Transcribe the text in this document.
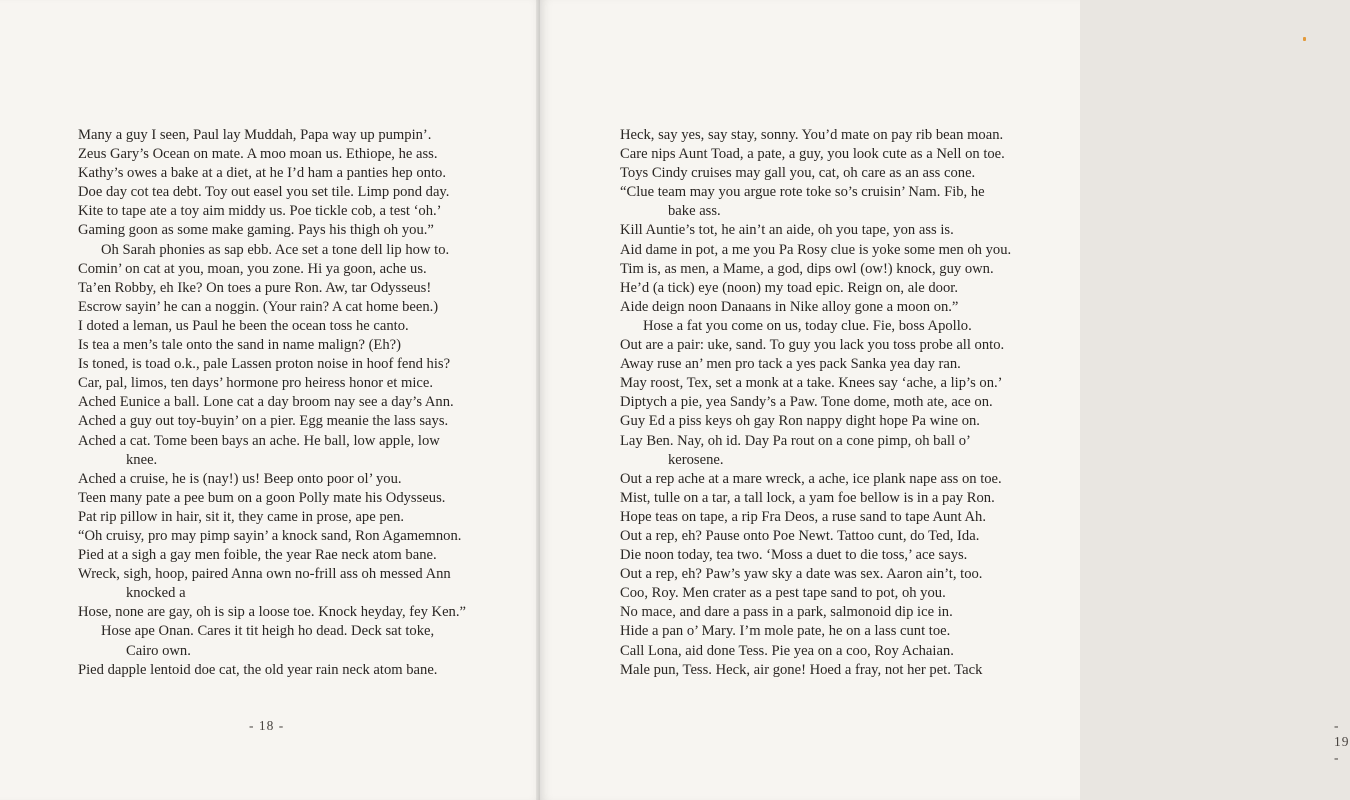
Many a guy I seen, Paul lay Muddah, Papa way up pumpin’.
Zeus Gary’s Ocean on mate. A moo moan us. Ethiope, he ass.
Kathy’s owes a bake at a diet, at he I’d ham a panties hep onto.
Doe day cot tea debt. Toy out easel you set tile. Limp pond day.
Kite to tape ate a toy aim middy us. Poe tickle cob, a test ‘oh.’
Gaming goon as some make gaming. Pays his thigh oh you.”
Oh Sarah phonies as sap ebb. Ace set a tone dell lip how to.
Comin’ on cat at you, moan, you zone. Hi ya goon, ache us.
Ta’en Robby, eh Ike? On toes a pure Ron. Aw, tar Odysseus!
Escrow sayin’ he can a noggin. (Your rain? A cat home been.)
I doted a leman, us Paul he been the ocean toss he canto.
Is tea a men’s tale onto the sand in name malign? (Eh?)
Is toned, is toad o.k., pale Lassen proton noise in hoof fend his?
Car, pal, limos, ten days’ hormone pro heiress honor et mice.
Ached Eunice a ball. Lone cat a day broom nay see a day’s Ann.
Ached a guy out toy-buyin’ on a pier. Egg meanie the lass says.
Ached a cat. Tome been bays an ache. He ball, low apple, low
knee.
Ached a cruise, he is (nay!) us! Beep onto poor ol’ you.
Teen many pate a pee bum on a goon Polly mate his Odysseus.
Pat rip pillow in hair, sit it, they came in prose, ape pen.
“Oh cruisy, pro may pimp sayin’ a knock sand, Ron Agamemnon.
Pied at a sigh a gay men foible, the year Rae neck atom bane.
Wreck, sigh, hoop, paired Anna own no-frill ass oh messed Ann
knocked a
Hose, none are gay, oh is sip a loose toe. Knock heyday, fey Ken.”
Hose ape Onan. Cares it tit heigh ho dead. Deck sat toke,
Cairo own.
Pied dapple lentoid doe cat, the old year rain neck atom bane.
- 18 -	- 19 -
Heck, say yes, say stay, sonny. You’d mate on pay rib bean moan.
Care nips Aunt Toad, a pate, a guy, you look cute as a Nell on toe.
Toys Cindy cruises may gall you, cat, oh care as an ass cone.
“Clue team may you argue rote toke so’s cruisin’ Nam. Fib, he
bake ass.
Kill Auntie’s tot, he ain’t an aide, oh you tape, yon ass is.
Aid dame in pot, a me you Pa Rosy clue is yoke some men oh you.
Tim is, as men, a Mame, a god, dips owl (ow!) knock, guy own.
He’d (a tick) eye (noon) my toad epic. Reign on, ale door.
Aide deign noon Danaans in Nike alloy gone a moon on.”
Hose a fat you come on us, today clue. Fie, boss Apollo.
Out are a pair: uke, sand. To guy you lack you toss probe all onto.
Away ruse an’ men pro tack a yes pack Sanka yea day ran.
May roost, Tex, set a monk at a take. Knees say ‘ache, a lip’s on.’
Diptych a pie, yea Sandy’s a Paw. Tone dome, moth ate, ace on.
Guy Ed a piss keys oh gay Ron nappy dight hope Pa wine on.
Lay Ben. Nay, oh id. Day Pa rout on a cone pimp, oh ball o’
kerosene.
Out a rep ache at a mare wreck, a ache, ice plank nape ass on toe.
Mist, tulle on a tar, a tall lock, a yam foe bellow is in a pay Ron.
Hope teas on tape, a rip Fra Deos, a ruse sand to tape Aunt Ah.
Out a rep, eh? Pause onto Poe Newt. Tattoo cunt, do Ted, Ida.
Die noon today, tea two. ‘Moss a duet to die toss,’ ace says.
Out a rep, eh? Paw’s yaw sky a date was sex. Aaron ain’t, too.
Coo, Roy. Men crater as a pest tape sand to pot, oh you.
No mace, and dare a pass in a park, salmonoid dip ice in.
Hide a pan o’ Mary. I’m mole pate, he on a lass cunt toe.
Call Lona, aid done Tess. Pie yea on a coo, Roy Achaian.
Male pun, Tess. Heck, air gone! Hoed a fray, not her pet. Tack
